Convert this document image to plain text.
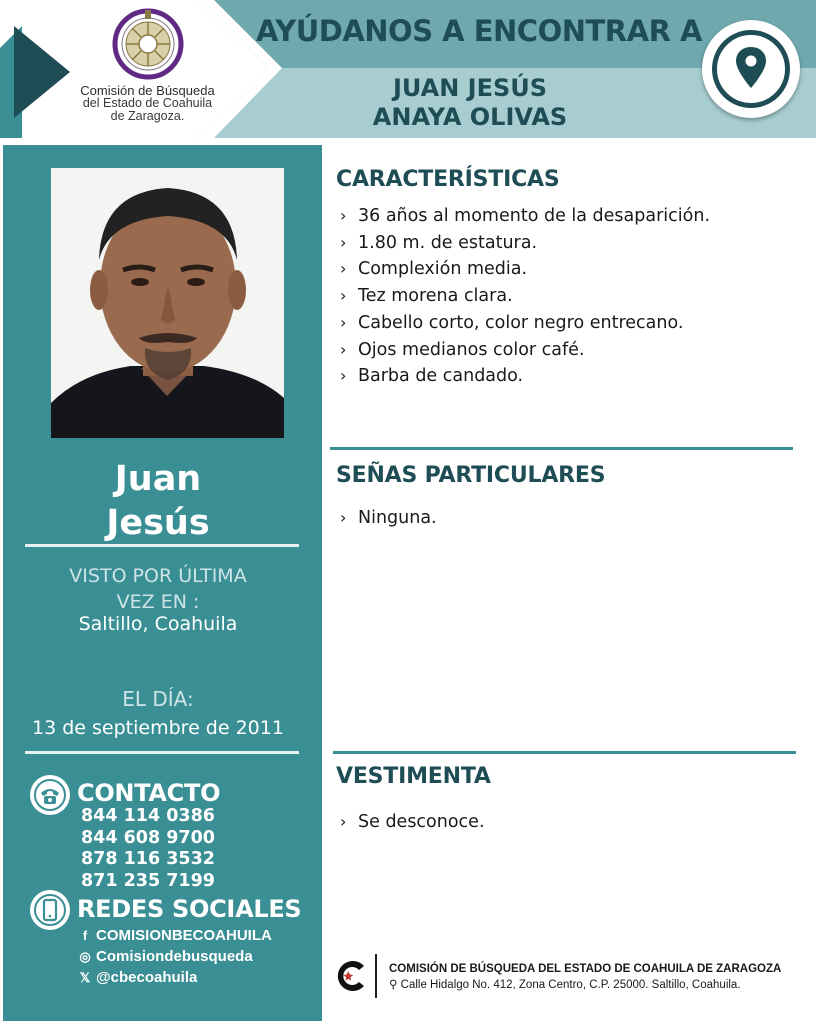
Comisión de Búsqueda
del Estado de Coahuila
de Zaragoza.
AYÚDANOS A ENCONTRAR A
JUAN JESÚS
ANAYA OLIVAS
Juan
Jesús
VISTO POR ÚLTIMA
VEZ EN :
Saltillo, Coahuila
EL DÍA:
13 de septiembre de 2011
CONTACTO
844 114 0386
844 608 9700
878 116 3532
871 235 7199
REDES SOCIALES
f COMISIONBECOAHUILA
◎ Comisiondebusqueda
𝕏 @cbecoahuila
CARACTERÍSTICAS
› 36 años al momento de la desaparición.
› 1.80 m. de estatura.
› Complexión media.
› Tez morena clara.
› Cabello corto, color negro entrecano.
› Ojos medianos color café.
› Barba de candado.
SEÑAS PARTICULARES
› Ninguna.
VESTIMENTA
› Se desconoce.
COMISIÓN DE BÚSQUEDA DEL ESTADO DE COAHUILA DE ZARAGOZA
⚲ Calle Hidalgo No. 412, Zona Centro, C.P. 25000. Saltillo, Coahuila.
